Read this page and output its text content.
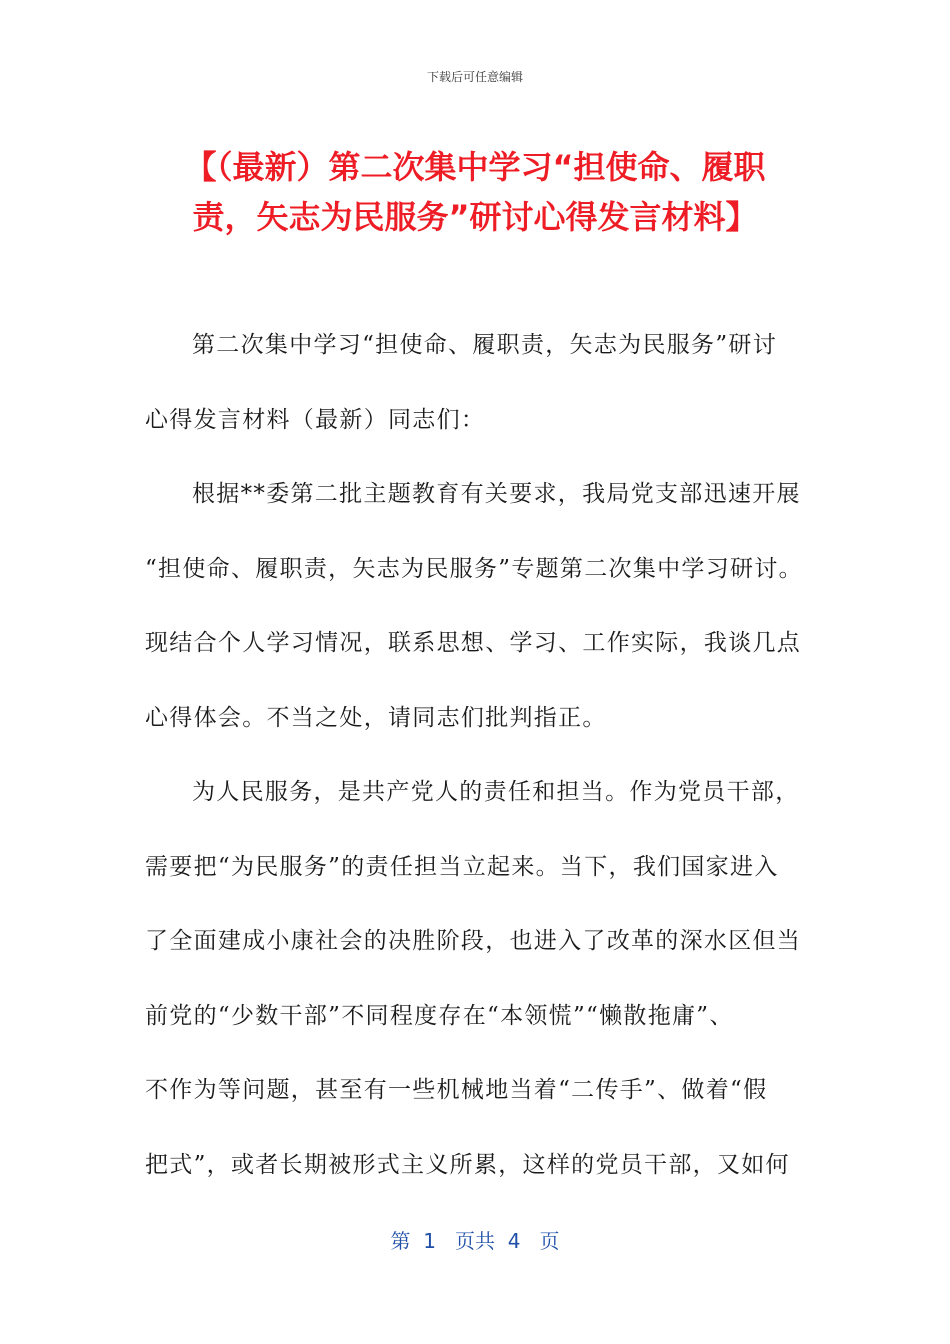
下载后可任意编辑
【（最新）第二次集中学习“担使命、履职
责，矢志为民服务”研讨心得发言材料】
第二次集中学习“担使命、履职责，矢志为民服务”研讨
心得发言材料（最新）同志们：
根据**委第二批主题教育有关要求，我局党支部迅速开展
“担使命、履职责，矢志为民服务”专题第二次集中学习研讨。
现结合个人学习情况，联系思想、学习、工作实际，我谈几点
心得体会。不当之处，请同志们批判指正。
为人民服务，是共产党人的责任和担当。作为党员干部，
需要把“为民服务”的责任担当立起来。当下，我们国家进入
了全面建成小康社会的决胜阶段，也进入了改革的深水区但当
前党的“少数干部”不同程度存在“本领慌”“懒散拖庸”、
不作为等问题，甚至有一些机械地当着“二传手”、做着“假
把式”，或者长期被形式主义所累，这样的党员干部，又如何
第  1   页共  4   页
